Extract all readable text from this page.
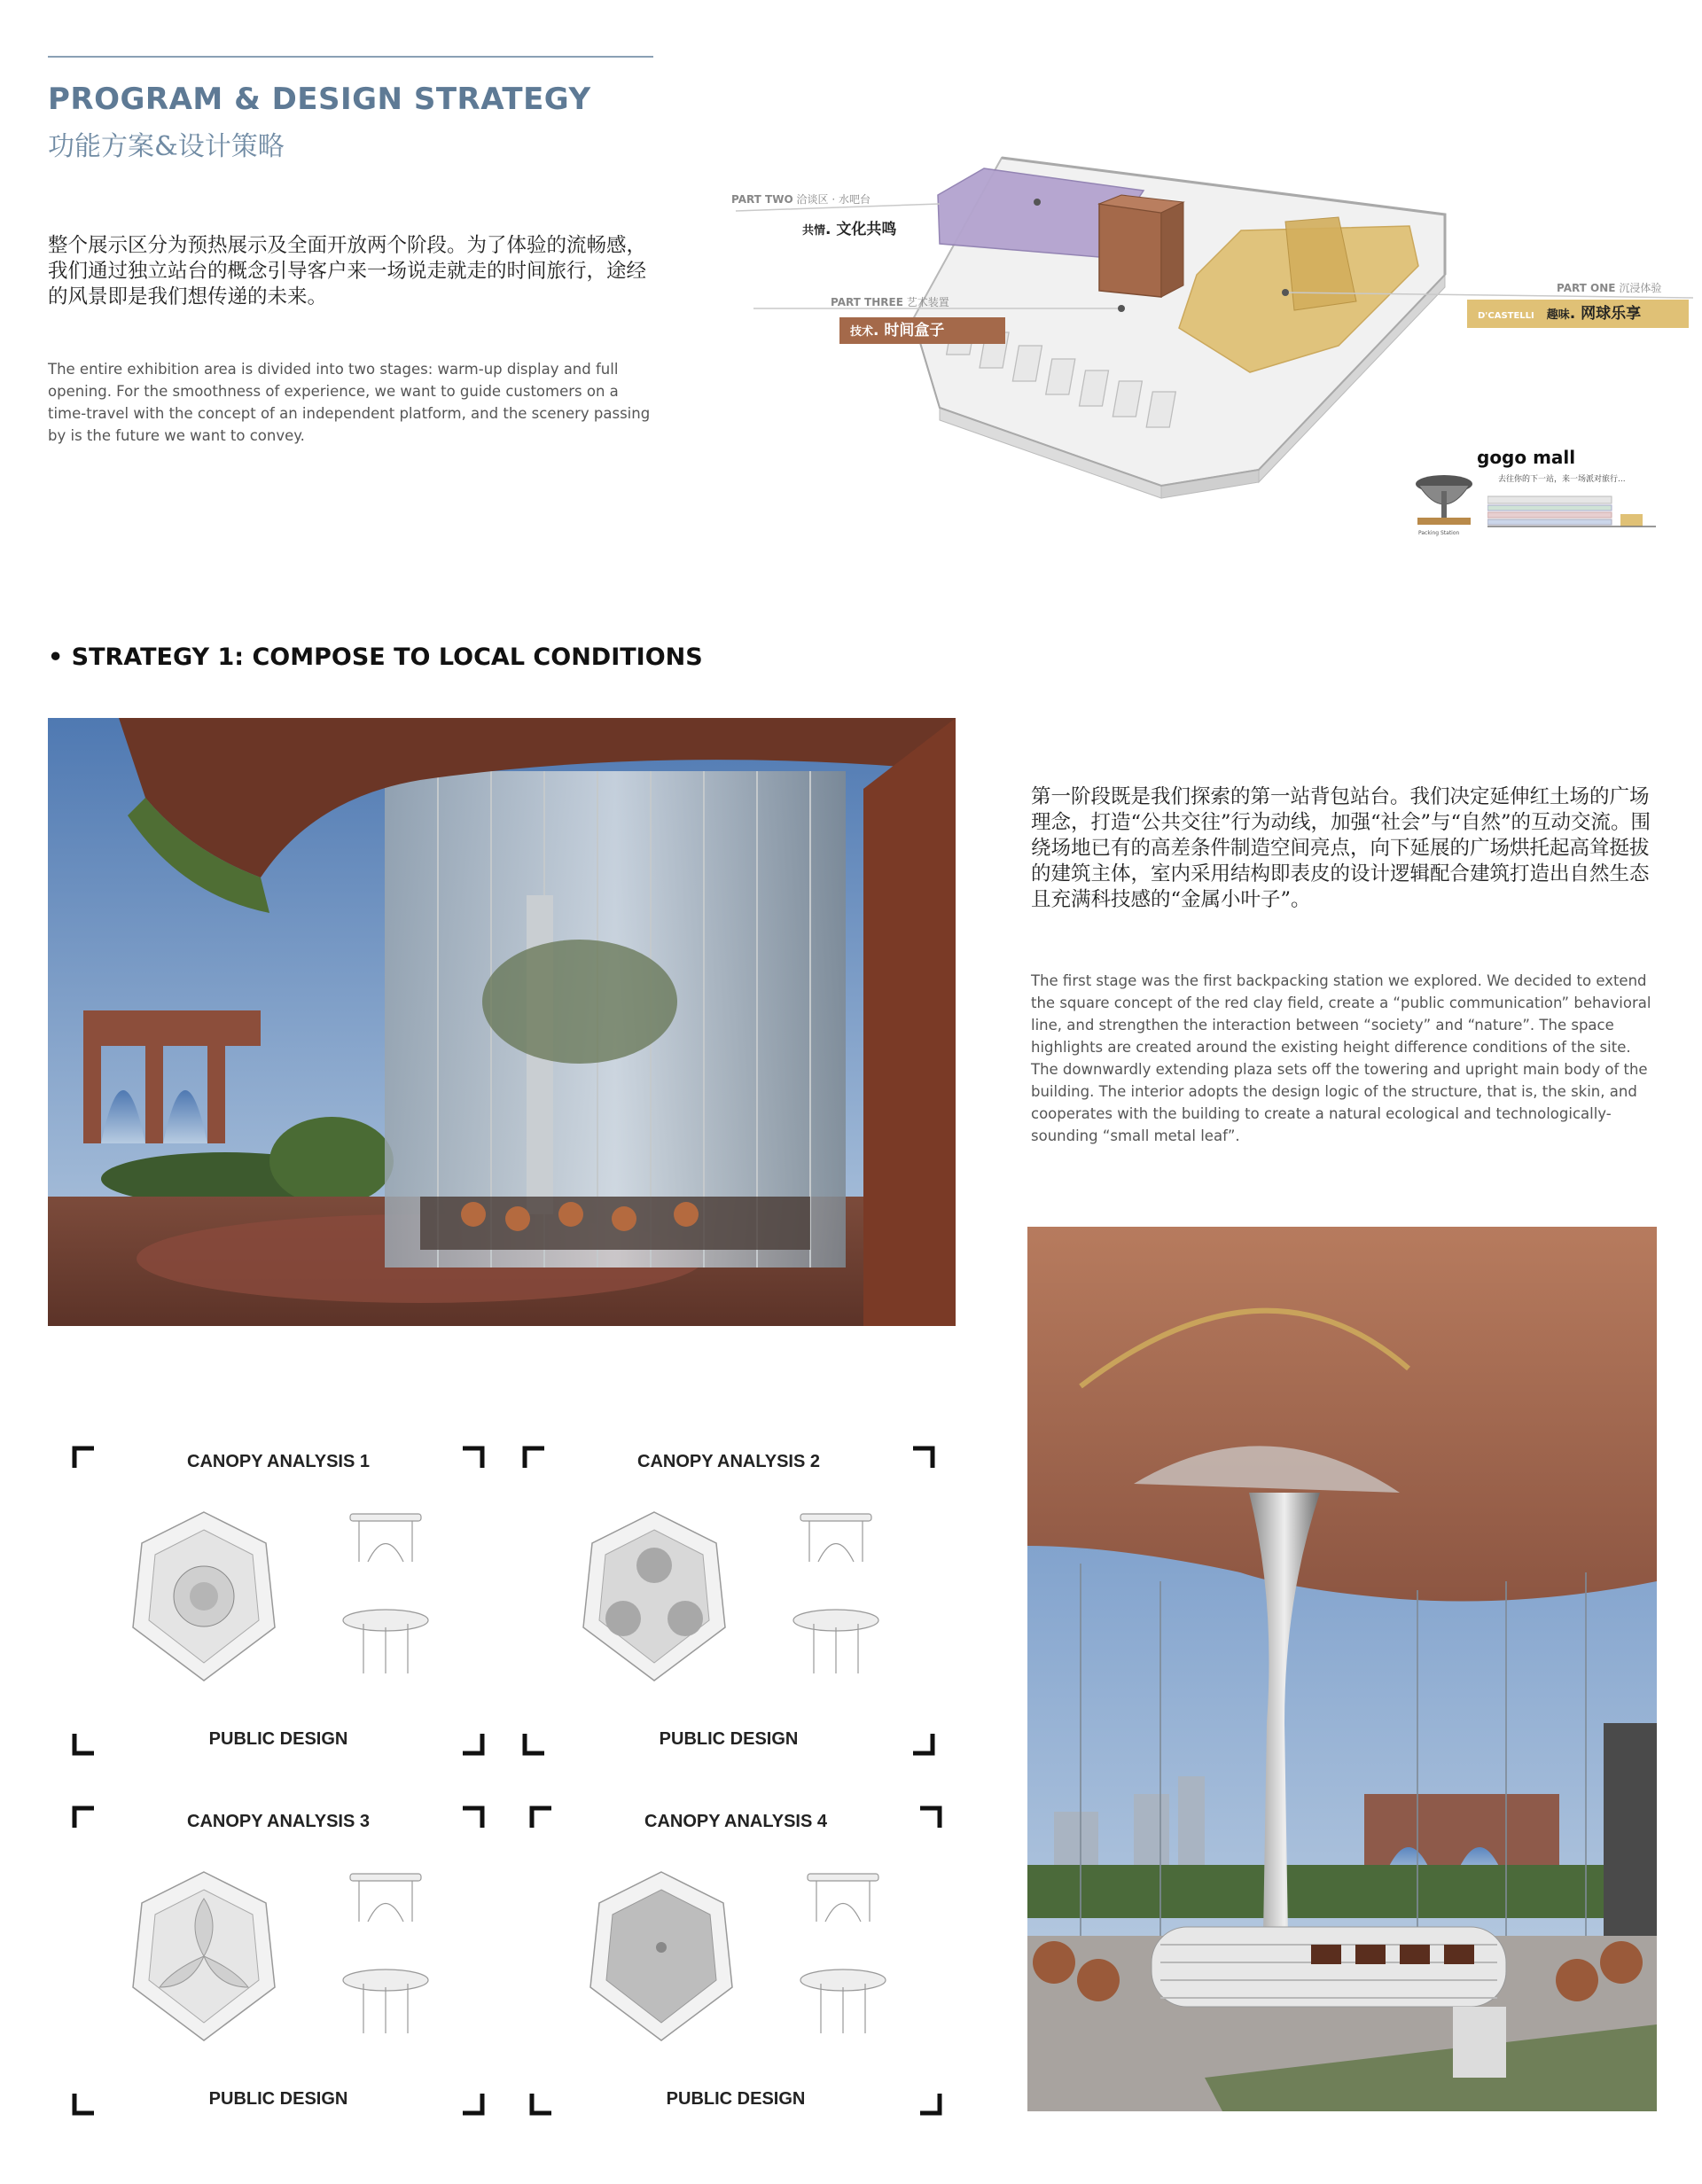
PROGRAM & DESIGN STRATEGY
功能方案&设计策略
整个展示区分为预热展示及全面开放两个阶段。为了体验的流畅感，我们通过独立站台的概念引导客户来一场说走就走的时间旅行，途经的风景即是我们想传递的未来。
The entire exhibition area is divided into two stages: warm-up display and full opening. For the smoothness of experience, we want to guide customers on a time-travel with the concept of an independent platform, and the scenery passing by is the future we want to convey.
PART TWO 洽谈区 · 水吧台
共情. 文化共鸣
PART THREE 艺术装置
技术. 时间盒子
PART ONE 沉浸体验
D'CASTELLI 趣味. 网球乐享
gogo mall
去往你的下一站，来一场派对旅行...
Packing Station
• STRATEGY 1: COMPOSE TO LOCAL CONDITIONS
第一阶段既是我们探索的第一站背包站台。我们决定延伸红土场的广场理念，打造“公共交往”行为动线，加强“社会”与“自然”的互动交流。围绕场地已有的高差条件制造空间亮点，向下延展的广场烘托起高耸挺拔的建筑主体，室内采用结构即表皮的设计逻辑配合建筑打造出自然生态且充满科技感的“金属小叶子”。
The first stage was the first backpacking station we explored. We decided to extend the square concept of the red clay field, create a “public communication” behavioral line, and strengthen the interaction between “society” and “nature”. The space highlights are created around the existing height difference conditions of the site. The downwardly extending plaza sets off the towering and upright main body of the building. The interior adopts the design logic of the structure, that is, the skin, and cooperates with the building to create a natural ecological and technologically-sounding “small metal leaf”.
CANOPY ANALYSIS 1
PUBLIC DESIGN
CANOPY ANALYSIS 2
PUBLIC DESIGN
CANOPY ANALYSIS 3
PUBLIC DESIGN
CANOPY ANALYSIS 4
PUBLIC DESIGN
